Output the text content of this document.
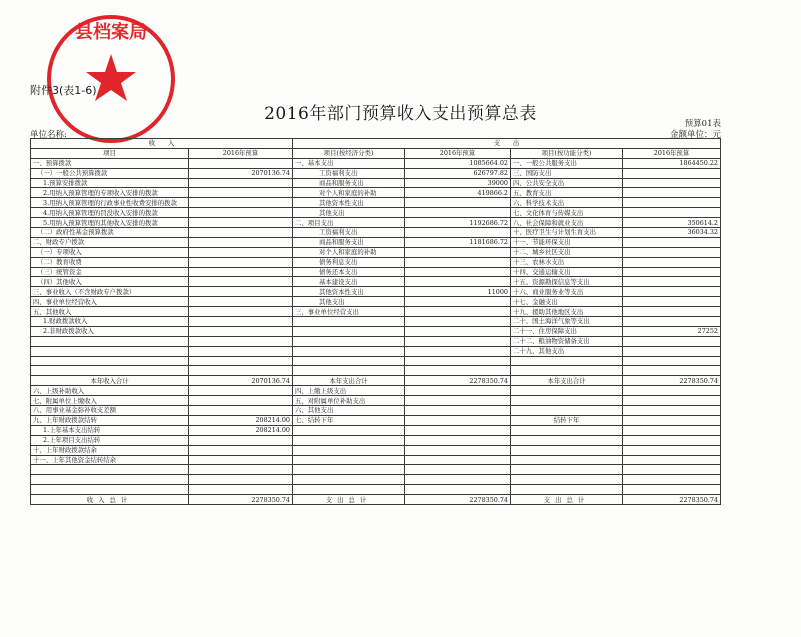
县档案局
附件3(表1-6)
2016年部门预算收入支出预算总表	预算01表
单位名称:	金额单位：元
收　　入		支　　出			
项目	2016年预算	项目(按经济分类)	2016年预算	项目(按功能分类)	2016年预算
一、预算拨款		一、基本支出	1085664.02	一、一般公共服务支出	1864450.22
（一）一般公共预算拨款	2070136.74	工资福利支出	626797.82	三、国防支出	
1.预算安排拨款		商品和服务支出	39000	四、公共安全支出	
2.用纳入预算管理的专项收入安排的拨款		对个人和家庭的补助	419866.2	五、教育支出	
3.用纳入预算管理的行政事业性收费安排的拨款		其他资本性支出		六、科学技术支出	
4.用纳入预算管理的罚没收入安排的拨款		其他支出		七、文化体育与传媒支出	
5.用纳入预算管理的其他收入安排的拨款		二、项目支出	1192686.72	八、社会保障和就业支出	350614.2
（二）政府性基金预算拨款		工资福利支出		十、医疗卫生与计划生育支出	36034.32
二、财政专户拨款		商品和服务支出	1181686.72	十一、节能环保支出	
（一）专项收入		对个人和家庭的补助		十二、城乡社区支出	
（二）教育收费		债务利息支出		十三、农林水支出	
（三）统管资金		债务还本支出		十四、交通运输支出	
（四）其他收入		基本建设支出		十五、资源勘探信息等支出	
三、事业收入（不含财政专户拨款）		其他资本性支出	11000	十六、商业服务业等支出	
四、事业单位经营收入		其他支出		十七、金融支出	
五、其他收入		三、事业单位经营支出		十九、援助其他地区支出	
1.财政拨款收入				二十、国土海洋气象等支出	
2.非财政拨款收入				二十一、住房保障支出	27252
				二十二、粮油物资储备支出	
				二十九、其他支出	

本年收入合计	2070136.74	本年支出合计	2278350.74	本年支出合计	2278350.74
六、上级补助收入		四、上缴上级支出			
七、附属单位上缴收入		五、对附属单位补助支出			
八、用事业基金弥补收支差额		六、其他支出			
九、上年财政拨款结转	208214.00	七、结转下年		结转下年	
1.上年基本支出结转	208214.00				
2.上年项目支出结转					
十、上年财政拨款结余					
十一、上年其他资金结转结余					

收入总计	2278350.74	支出总计	2278350.74	支出总计	2278350.74
